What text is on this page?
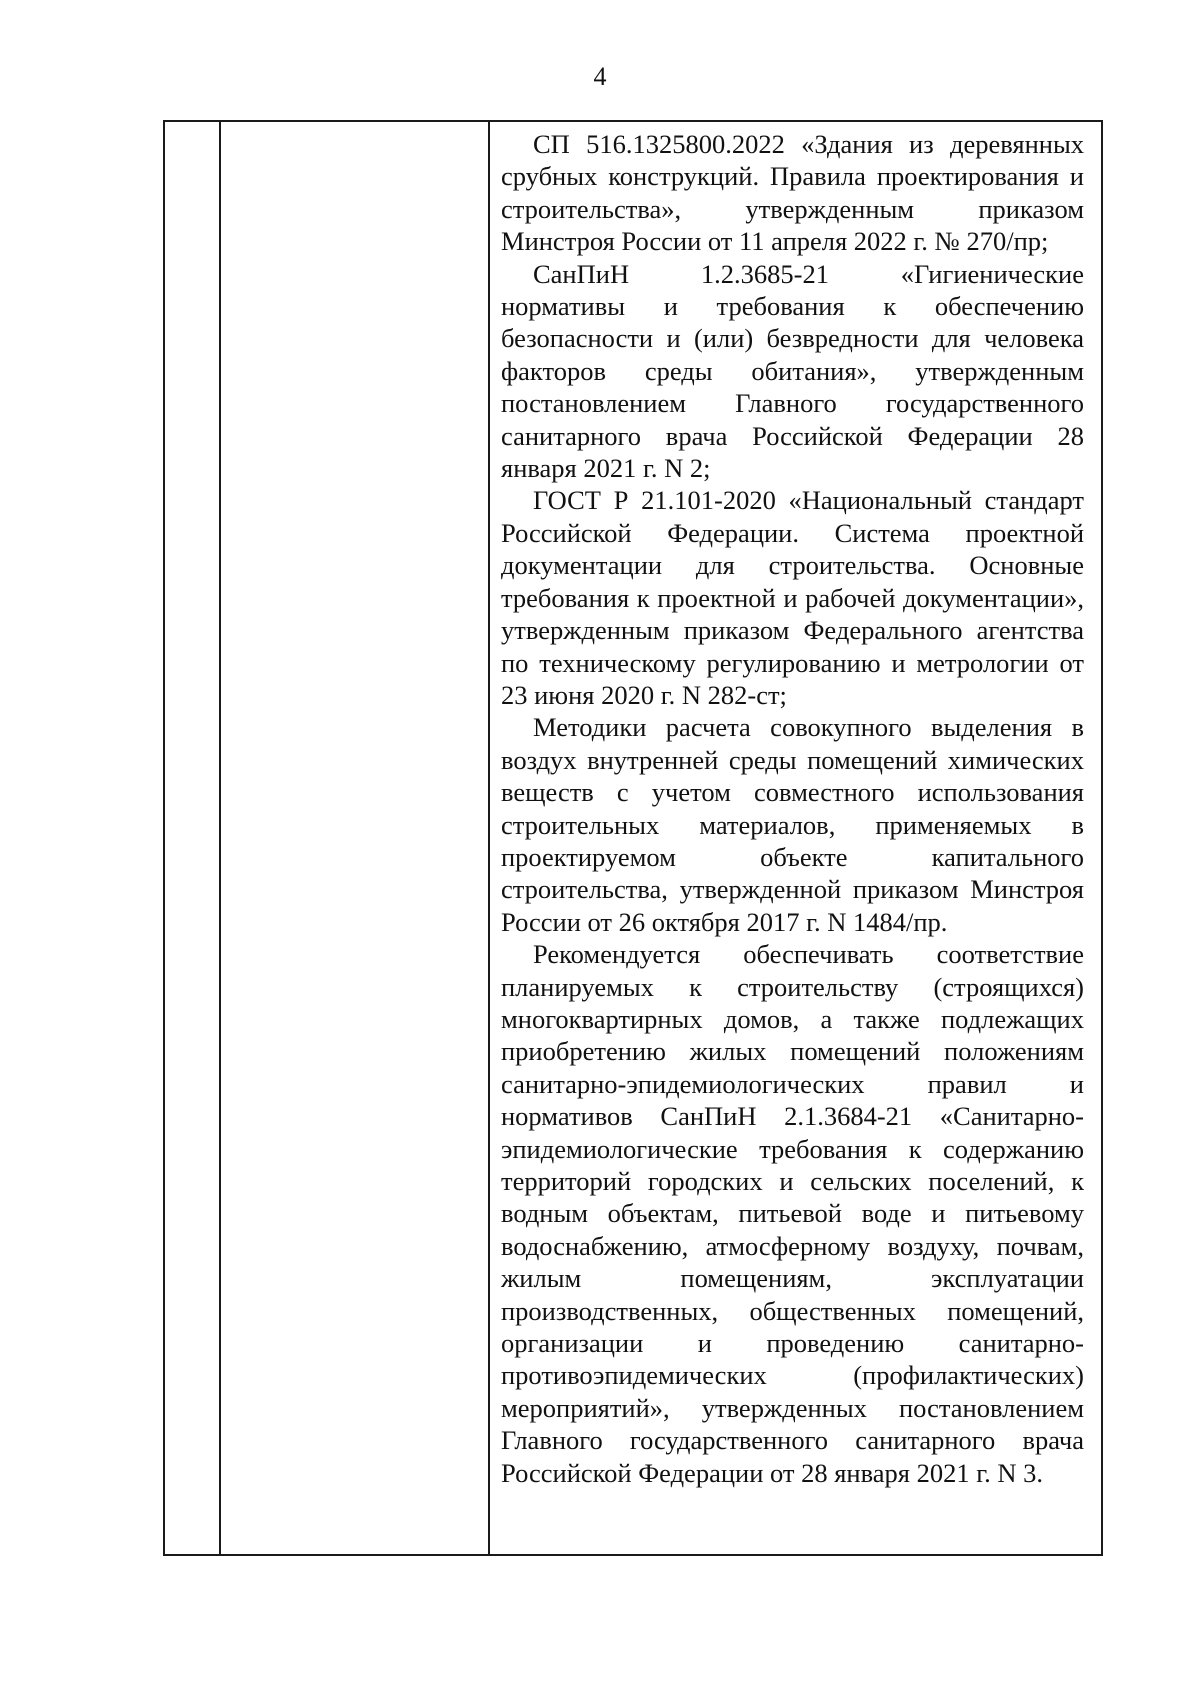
4

СП 516.1325800.2022 «Здания из деревянных срубных конструкций. Правила проектирования и строительства», утвержденным приказом Минстроя России от 11 апреля 2022 г. № 270/пр;

СанПиН 1.2.3685-21 «Гигиенические нормативы и требования к обеспечению безопасности и (или) безвредности для человека факторов среды обитания», утвержденным постановлением Главного государственного санитарного врача Российской Федерации 28 января 2021 г. N 2;

ГОСТ Р 21.101-2020 «Национальный стандарт Российской Федерации. Система проектной документации для строительства. Основные требования к проектной и рабочей документации», утвержденным приказом Федерального агентства по техническому регулированию и метрологии от 23 июня 2020 г. N 282-ст;

Методики расчета совокупного выделения в воздух внутренней среды помещений химических веществ с учетом совместного использования строительных материалов, применяемых в проектируемом объекте капитального строительства, утвержденной приказом Минстроя России от 26 октября 2017 г. N 1484/пр.

Рекомендуется обеспечивать соответствие планируемых к строительству (строящихся) многоквартирных домов, а также подлежащих приобретению жилых помещений положениям санитарно-эпидемиологических правил и нормативов СанПиН 2.1.3684-21 «Санитарно-эпидемиологические требования к содержанию территорий городских и сельских поселений, к водным объектам, питьевой воде и питьевому водоснабжению, атмосферному воздуху, почвам, жилым помещениям, эксплуатации производственных, общественных помещений, организации и проведению санитарно-противоэпидемических (профилактических) мероприятий», утвержденных постановлением Главного государственного санитарного врача Российской Федерации от 28 января 2021 г. N 3.
